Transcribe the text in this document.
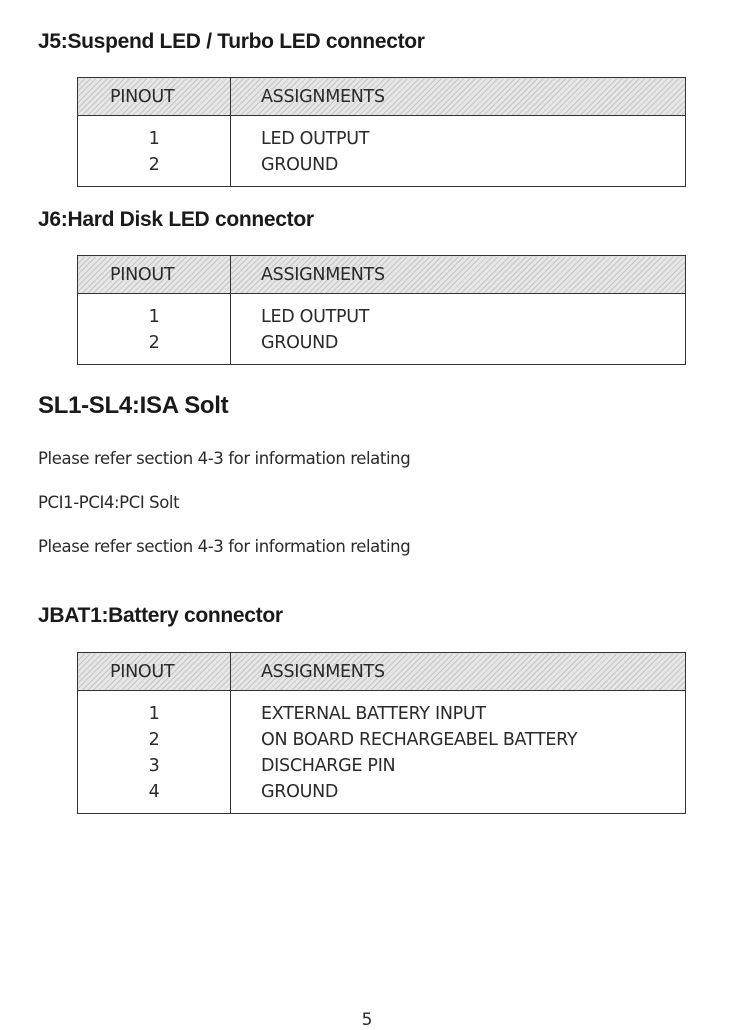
J5:Suspend LED / Turbo LED connector
PINOUT	ASSIGNMENTS
1	LED OUTPUT
2	GROUND
J6:Hard Disk LED connector
PINOUT	ASSIGNMENTS
1	LED OUTPUT
2	GROUND
SL1-SL4:ISA Solt

Please refer section 4-3 for information relating

PCI1-PCI4:PCI Solt

Please refer section 4-3 for information relating

JBAT1:Battery connector
PINOUT	ASSIGNMENTS
1	EXTERNAL BATTERY INPUT
2	ON BOARD RECHARGEABEL BATTERY
3	DISCHARGE PIN
4	GROUND
5
